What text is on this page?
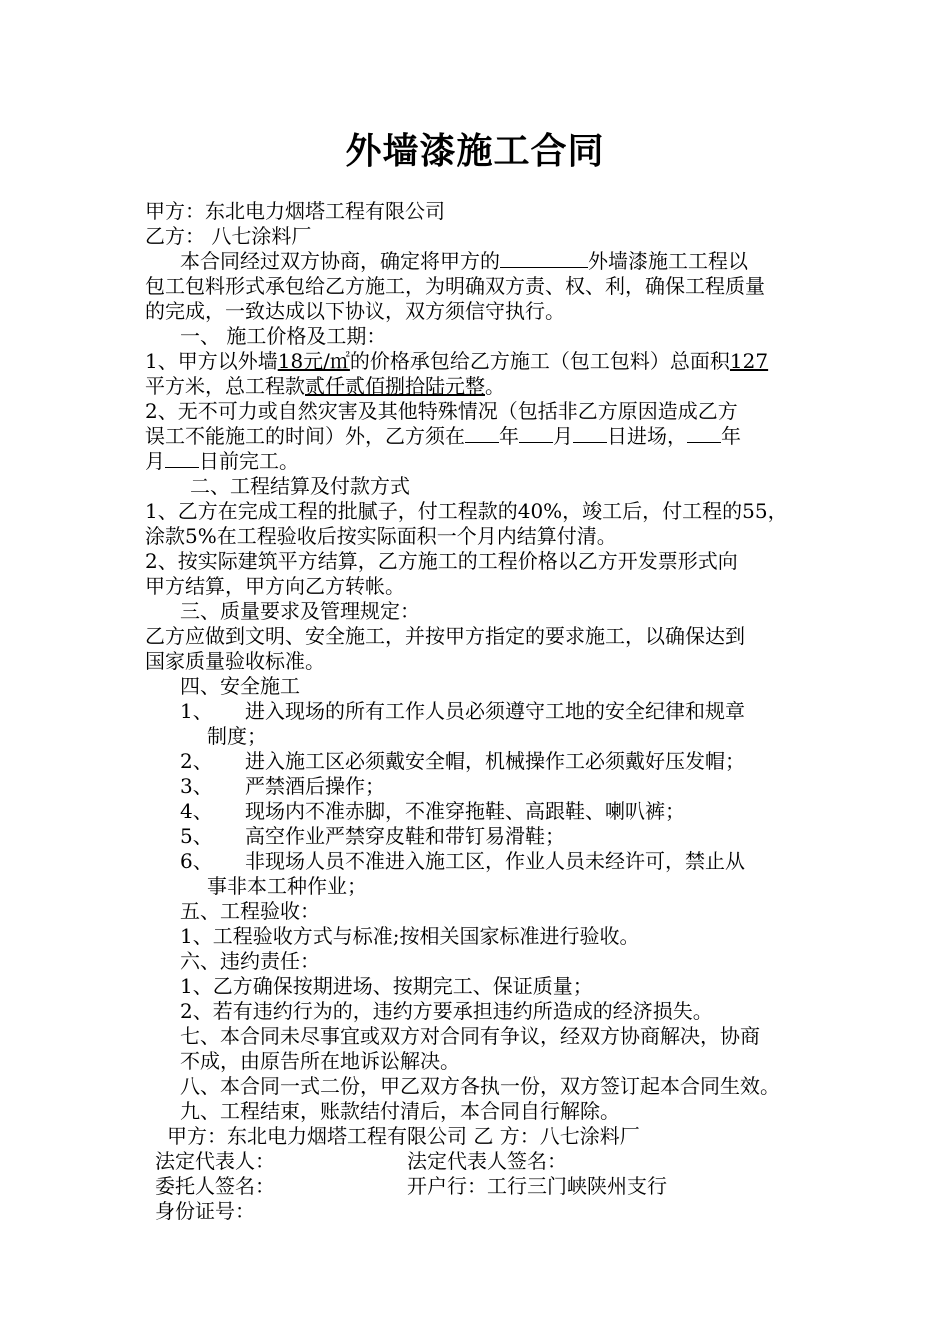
外墙漆施工合同
甲方：东北电力烟塔工程有限公司
乙方： 八七涂料厂
本合同经过双方协商，确定将甲方的	外墙漆施工工程以
包工包料形式承包给乙方施工，为明确双方责、权、利，确保工程质量
的完成，一致达成以下协议，双方须信守执行。
一、 施工价格及工期：
1、甲方以外墙18元/㎡的价格承包给乙方施工（包工包料）总面积127
平方米，总工程款贰仟贰佰捌拾陆元整。
2、无不可力或自然灾害及其他特殊情况（包括非乙方原因造成乙方
误工不能施工的时间）外，乙方须在 年 月 日进场， 年
月 日前完工。
二、工程结算及付款方式
1、乙方在完成工程的批腻子，付工程款的40%，竣工后，付工程的55，
涂款5%在工程验收后按实际面积一个月内结算付清。
2、按实际建筑平方结算，乙方施工的工程价格以乙方开发票形式向
甲方结算，甲方向乙方转帐。
三、质量要求及管理规定：
乙方应做到文明、安全施工，并按甲方指定的要求施工，以确保达到
国家质量验收标准。
四、安全施工
1、	进入现场的所有工作人员必须遵守工地的安全纪律和规章
制度；
2、	进入施工区必须戴安全帽，机械操作工必须戴好压发帽；
3、	严禁酒后操作；
4、	现场内不准赤脚，不准穿拖鞋、高跟鞋、喇叭裤；
5、	高空作业严禁穿皮鞋和带钉易滑鞋；
6、	非现场人员不准进入施工区，作业人员未经许可，禁止从
事非本工种作业；
五、工程验收：
1、工程验收方式与标准;按相关国家标准进行验收。
六、违约责任：
1、乙方确保按期进场、按期完工、保证质量；
2、若有违约行为的，违约方要承担违约所造成的经济损失。
七、本合同未尽事宜或双方对合同有争议，经双方协商解决，协商
不成，由原告所在地诉讼解决。
八、本合同一式二份，甲乙双方各执一份，双方签订起本合同生效。
九、工程结束，账款结付清后，本合同自行解除。
甲方：东北电力烟塔工程有限公司 乙 方：八七涂料厂
法定代表人：	法定代表人签名：
委托人签名：	开户行：工行三门峡陕州支行
身份证号：
